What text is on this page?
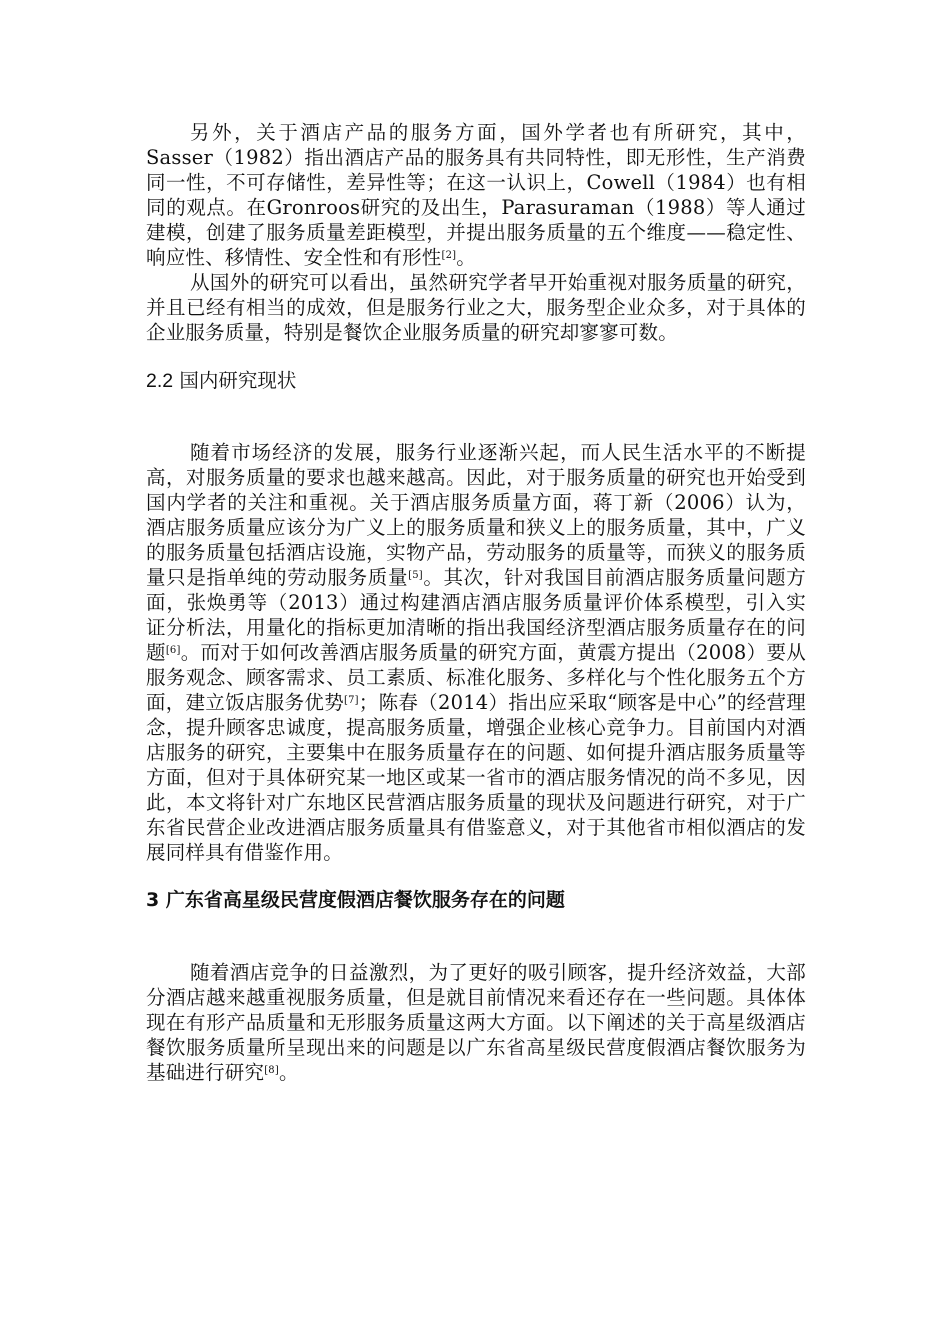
另外，关于酒店产品的服务方面，国外学者也有所研究，其中，Sasser（1982）指出酒店产品的服务具有共同特性，即无形性，生产消费同一性，不可存储性，差异性等；在这一认识上，Cowell（1984）也有相同的观点。在Gronroos研究的及出生，Parasuraman（1988）等人通过建模，创建了服务质量差距模型，并提出服务质量的五个维度——稳定性、响应性、移情性、安全性和有形性[2]。

从国外的研究可以看出，虽然研究学者早开始重视对服务质量的研究，并且已经有相当的成效，但是服务行业之大，服务型企业众多，对于具体的企业服务质量，特别是餐饮企业服务质量的研究却寥寥可数。

2.2 国内研究现状

随着市场经济的发展，服务行业逐渐兴起，而人民生活水平的不断提高，对服务质量的要求也越来越高。因此，对于服务质量的研究也开始受到国内学者的关注和重视。关于酒店服务质量方面，蒋丁新（2006）认为，酒店服务质量应该分为广义上的服务质量和狭义上的服务质量，其中，广义的服务质量包括酒店设施，实物产品，劳动服务的质量等，而狭义的服务质量只是指单纯的劳动服务质量[5]。其次，针对我国目前酒店服务质量问题方面，张焕勇等（2013）通过构建酒店酒店服务质量评价体系模型，引入实证分析法，用量化的指标更加清晰的指出我国经济型酒店服务质量存在的问题[6]。而对于如何改善酒店服务质量的研究方面，黄震方提出（2008）要从服务观念、顾客需求、员工素质、标准化服务、多样化与个性化服务五个方面，建立饭店服务优势[7]；陈春（2014）指出应采取“顾客是中心”的经营理念，提升顾客忠诚度，提高服务质量，增强企业核心竞争力。目前国内对酒店服务的研究，主要集中在服务质量存在的问题、如何提升酒店服务质量等方面，但对于具体研究某一地区或某一省市的酒店服务情况的尚不多见，因此，本文将针对广东地区民营酒店服务质量的现状及问题进行研究，对于广东省民营企业改进酒店服务质量具有借鉴意义，对于其他省市相似酒店的发展同样具有借鉴作用。

3 广东省高星级民营度假酒店餐饮服务存在的问题

随着酒店竞争的日益激烈，为了更好的吸引顾客，提升经济效益，大部分酒店越来越重视服务质量，但是就目前情况来看还存在一些问题。具体体现在有形产品质量和无形服务质量这两大方面。以下阐述的关于高星级酒店餐饮服务质量所呈现出来的问题是以广东省高星级民营度假酒店餐饮服务为基础进行研究[8]。
